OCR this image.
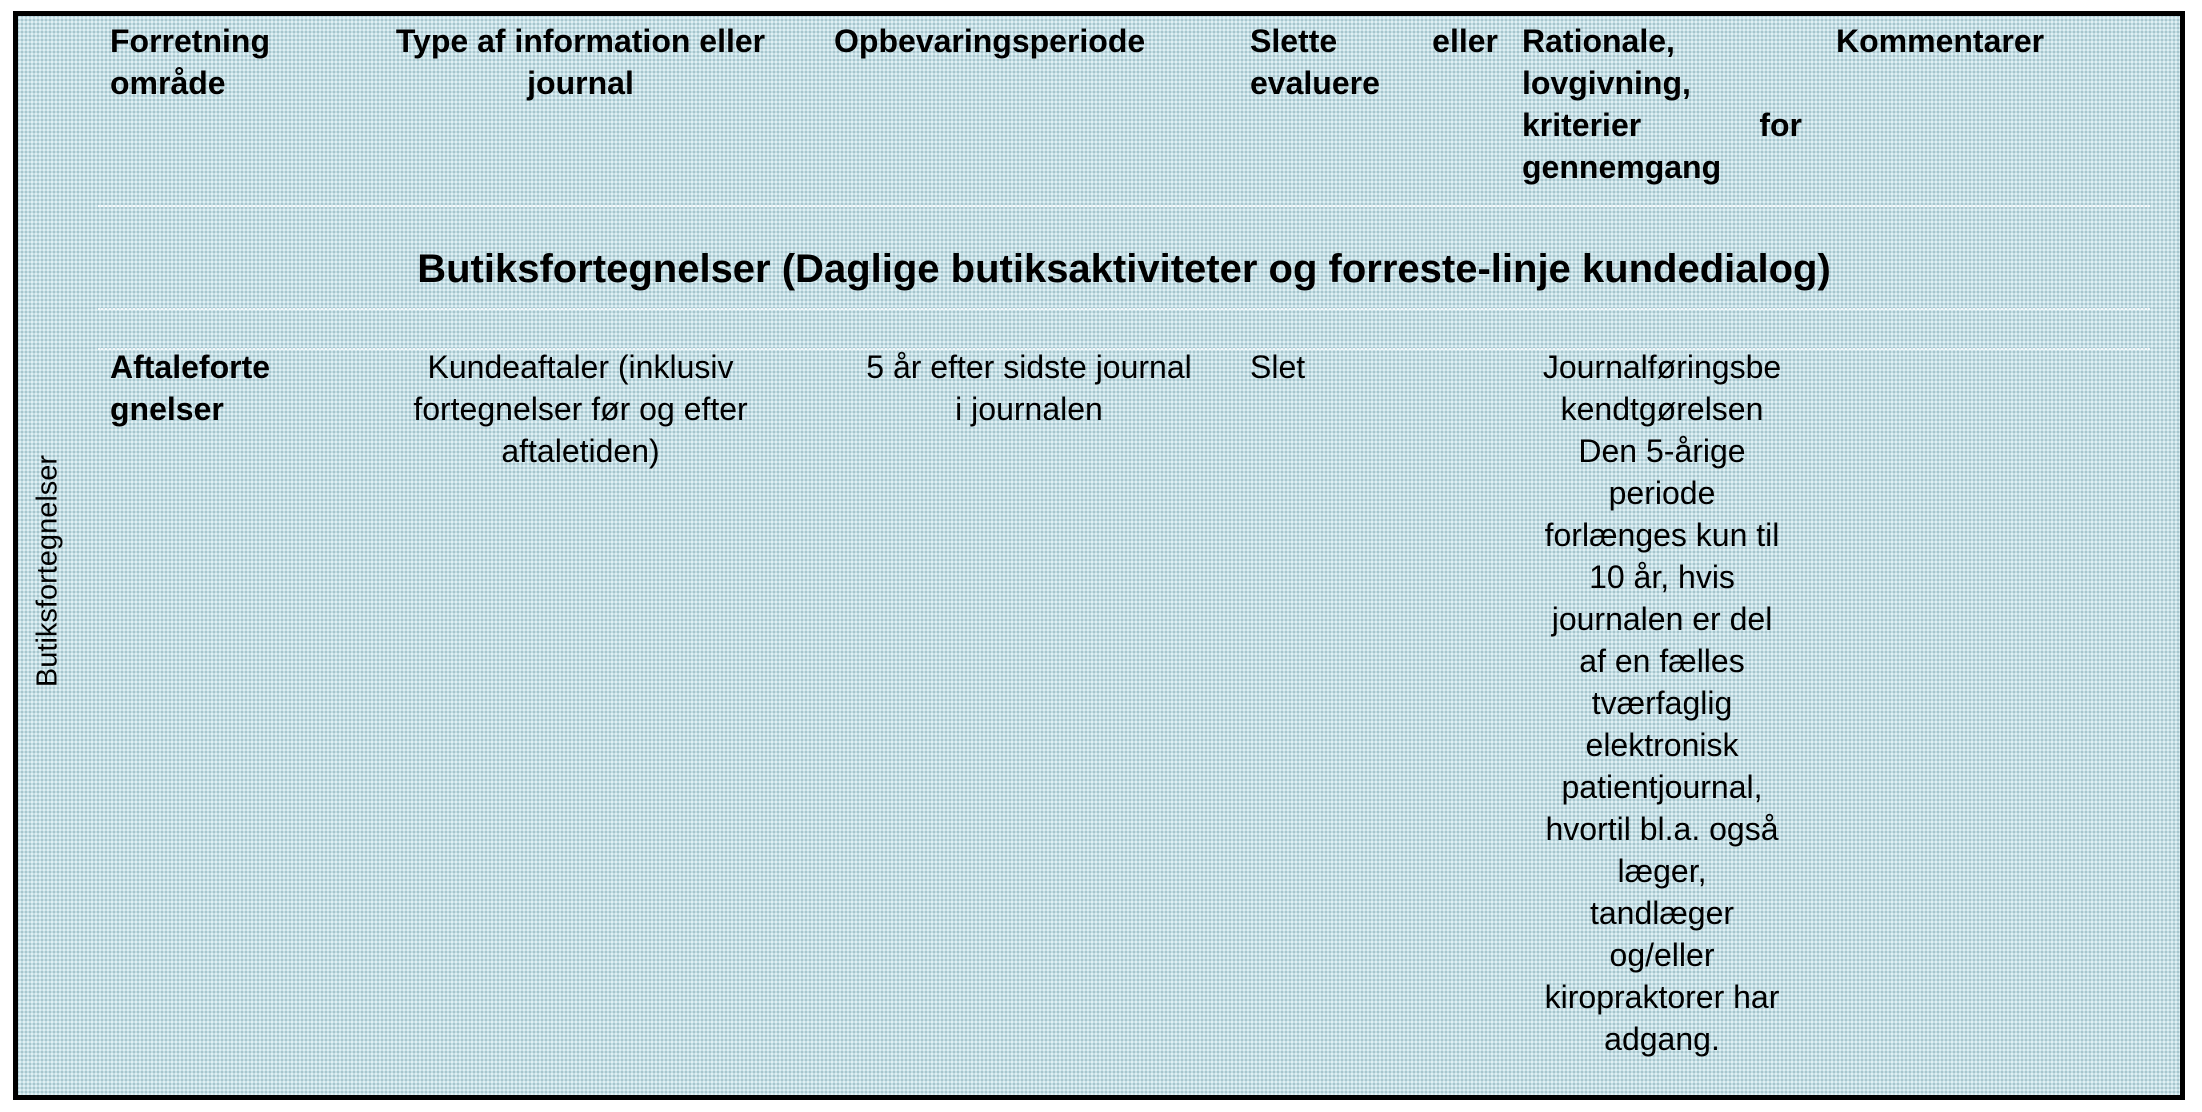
Butiksfortegnelser
Forretning
område
Type af information eller
journal
Opbevaringsperiode	Slette eller
evaluere
Rationale,
lovgivning,
kriterier for
gennemgang
Kommentarer
Butiksfortegnelser (Daglige butiksaktiviteter og forreste-linje kundedialog)
Aftaleforte
gnelser
Kundeaftaler (inklusiv
fortegnelser før og efter
aftaletiden)
5 år efter sidste journal
i journalen
Slet	Journalføringsbe
kendtgørelsen
Den 5-årige
periode
forlænges kun til
10 år, hvis
journalen er del
af en fælles
tværfaglig
elektronisk
patientjournal,
hvortil bl.a. også
læger,
tandlæger
og/eller
kiropraktorer har
adgang.
